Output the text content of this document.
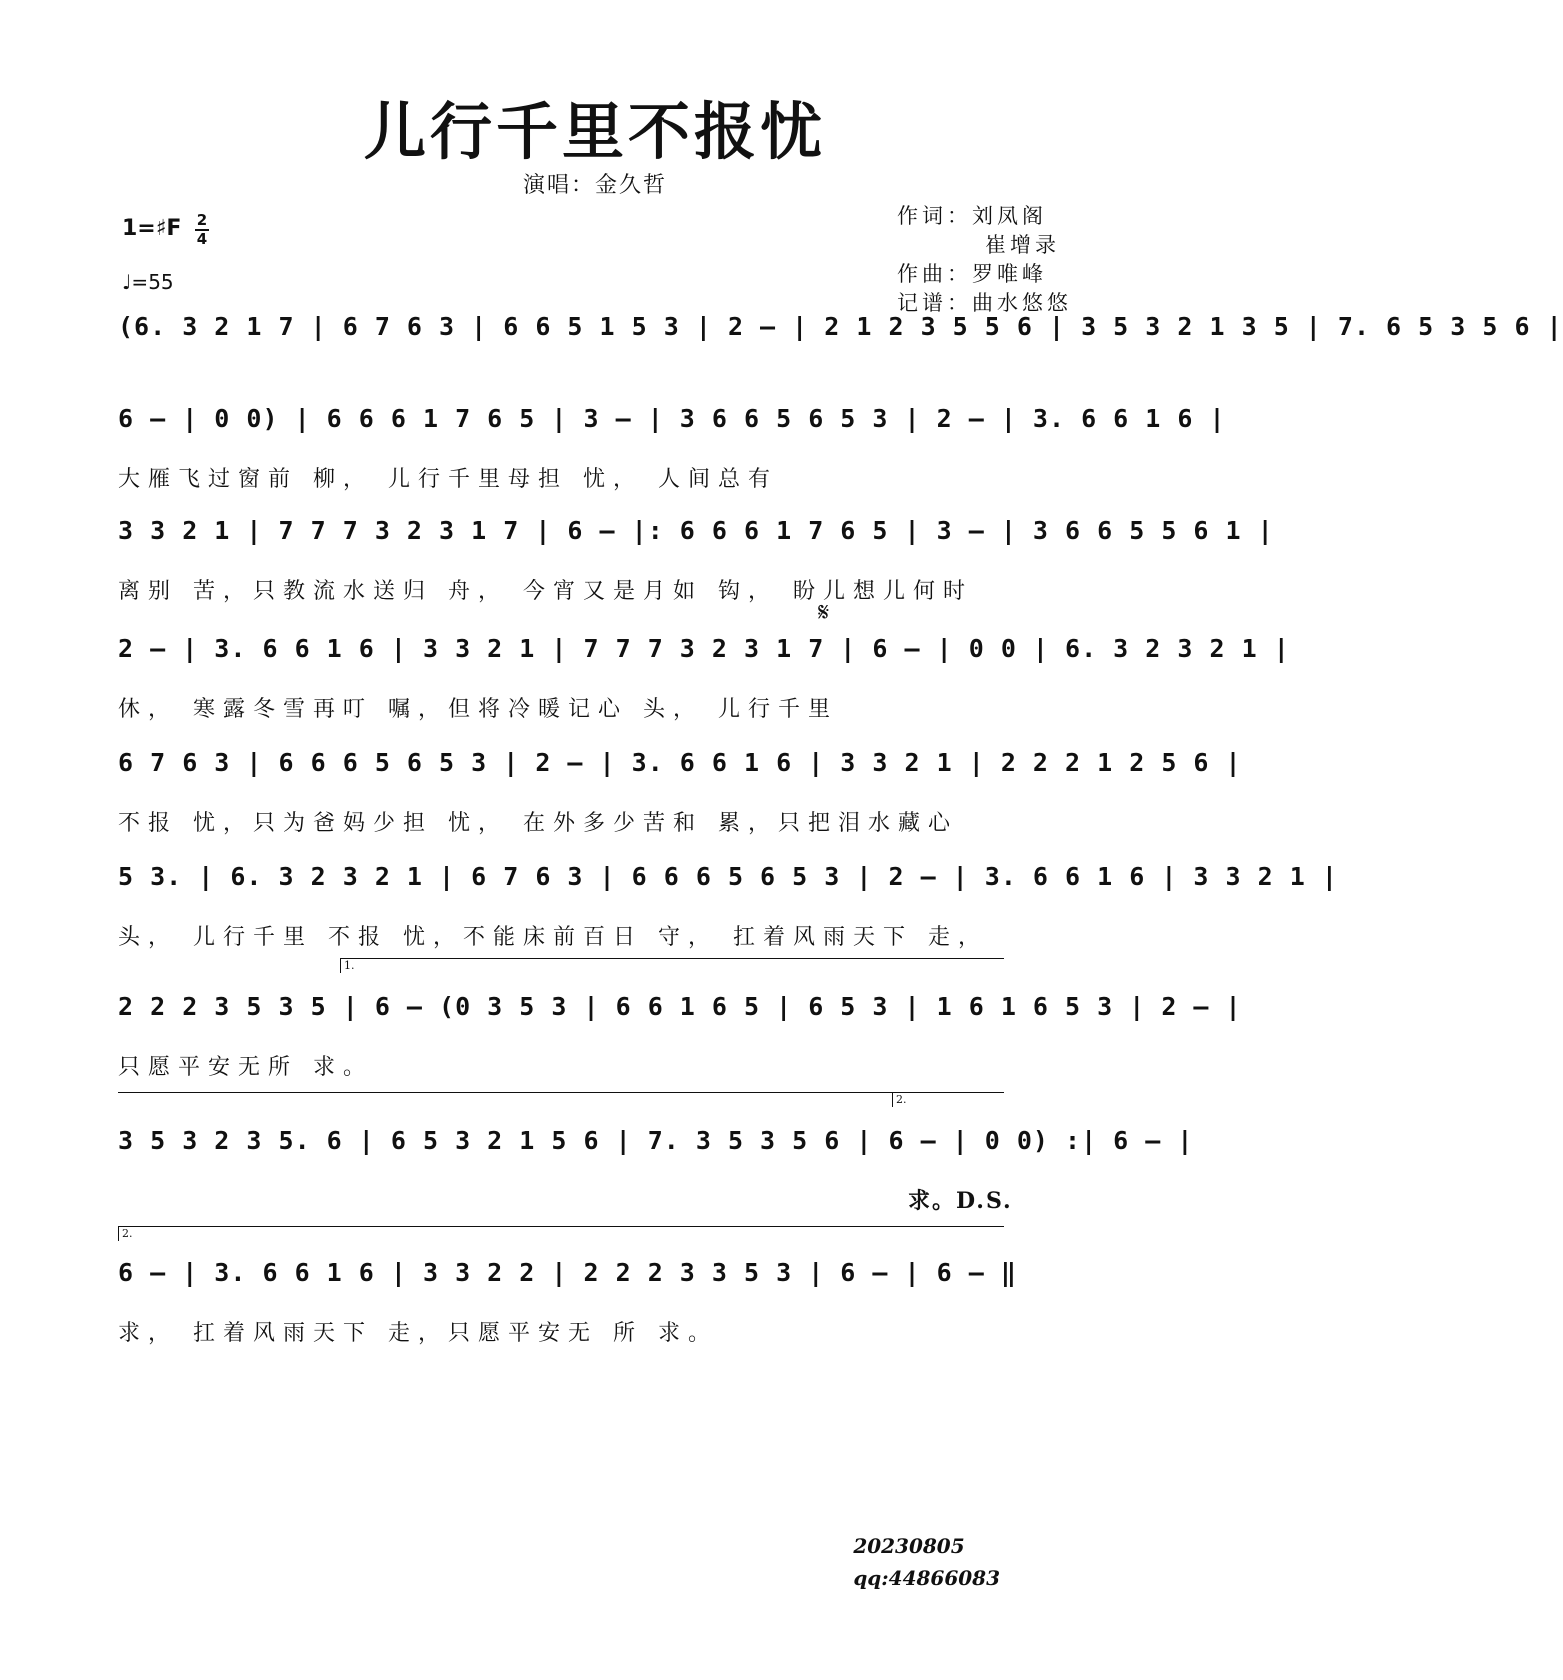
儿行千里不报忧
演唱：金久哲
作词：刘凤阁
崔增录
作曲：罗唯峰
记谱：曲水悠悠
1=♯F 2
4
♩=55
(6. 3 2 1 7 | 6 7 6 3 | 6 6 5 1 5 3 | 2 – | 2 1 2 3 5 5 6 | 3 5 3 2 1 3 5 | 7. 6 5 3 5 6 |
6 – | 0 0) | 6 6 6 1 7 6 5 | 3 – | 3 6 6 5 6 5 3 | 2 – | 3. 6 6 1 6 |
大雁飞过窗前 柳， 儿行千里母担 忧， 人间总有
3 3 2 1 | 7 7 7 3 2 3 1 7 | 6 – |: 6 6 6 1 7 6 5 | 3 – | 3 6 6 5 5 6 1 |
离别 苦，只教流水送归 舟， 今宵又是月如 钩， 盼儿想儿何时
𝄋
2 – | 3. 6 6 1 6 | 3 3 2 1 | 7 7 7 3 2 3 1 7 | 6 – | 0 0 | 6. 3 2 3 2 1 |
休， 寒露冬雪再叮 嘱，但将冷暖记心 头， 儿行千里
6 7 6 3 | 6 6 6 5 6 5 3 | 2 – | 3. 6 6 1 6 | 3 3 2 1 | 2 2 2 1 2 5 6 |
不报 忧，只为爸妈少担 忧， 在外多少苦和 累，只把泪水藏心
5 3. | 6. 3 2 3 2 1 | 6 7 6 3 | 6 6 6 5 6 5 3 | 2 – | 3. 6 6 1 6 | 3 3 2 1 |
头， 儿行千里 不报 忧，不能床前百日 守， 扛着风雨天下 走，
1.
2 2 2 3 5 3 5 | 6 – (0 3 5 3 | 6 6 1 6 5 | 6 5 3 | 1 6 1 6 5 3 | 2 – |
只愿平安无所 求。
2.
3 5 3 2 3 5. 6 | 6 5 3 2 1 5 6 | 7. 3 5 3 5 6 | 6 – | 0 0) :| 6 – |
求。D.S.
2.
6 – | 3. 6 6 1 6 | 3 3 2 2 | 2 2 2 3 3 5 3 | 6 – | 6 – ‖
求， 扛着风雨天下 走，只愿平安无 所 求。
20230805
qq:44866083
